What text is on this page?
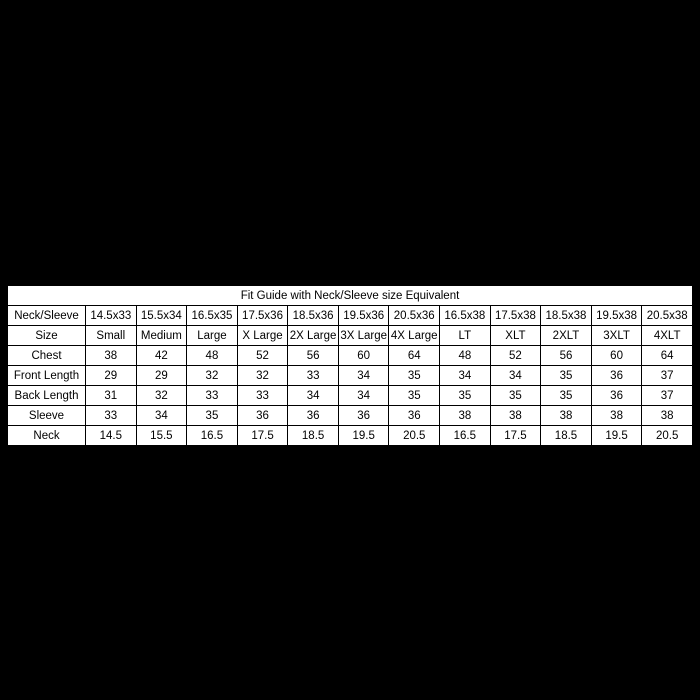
Fit Guide with Neck/Sleeve size Equivalent												
Neck/Sleeve	14.5x33	15.5x34	16.5x35	17.5x36	18.5x36	19.5x36	20.5x36	16.5x38	17.5x38	18.5x38	19.5x38	20.5x38
Size	Small	Medium	Large	X Large	2X Large	3X Large	4X Large	LT	XLT	2XLT	3XLT	4XLT
Chest	38	42	48	52	56	60	64	48	52	56	60	64
Front Length	29	29	32	32	33	34	35	34	34	35	36	37
Back Length	31	32	33	33	34	34	35	35	35	35	36	37
Sleeve	33	34	35	36	36	36	36	38	38	38	38	38
Neck	14.5	15.5	16.5	17.5	18.5	19.5	20.5	16.5	17.5	18.5	19.5	20.5
